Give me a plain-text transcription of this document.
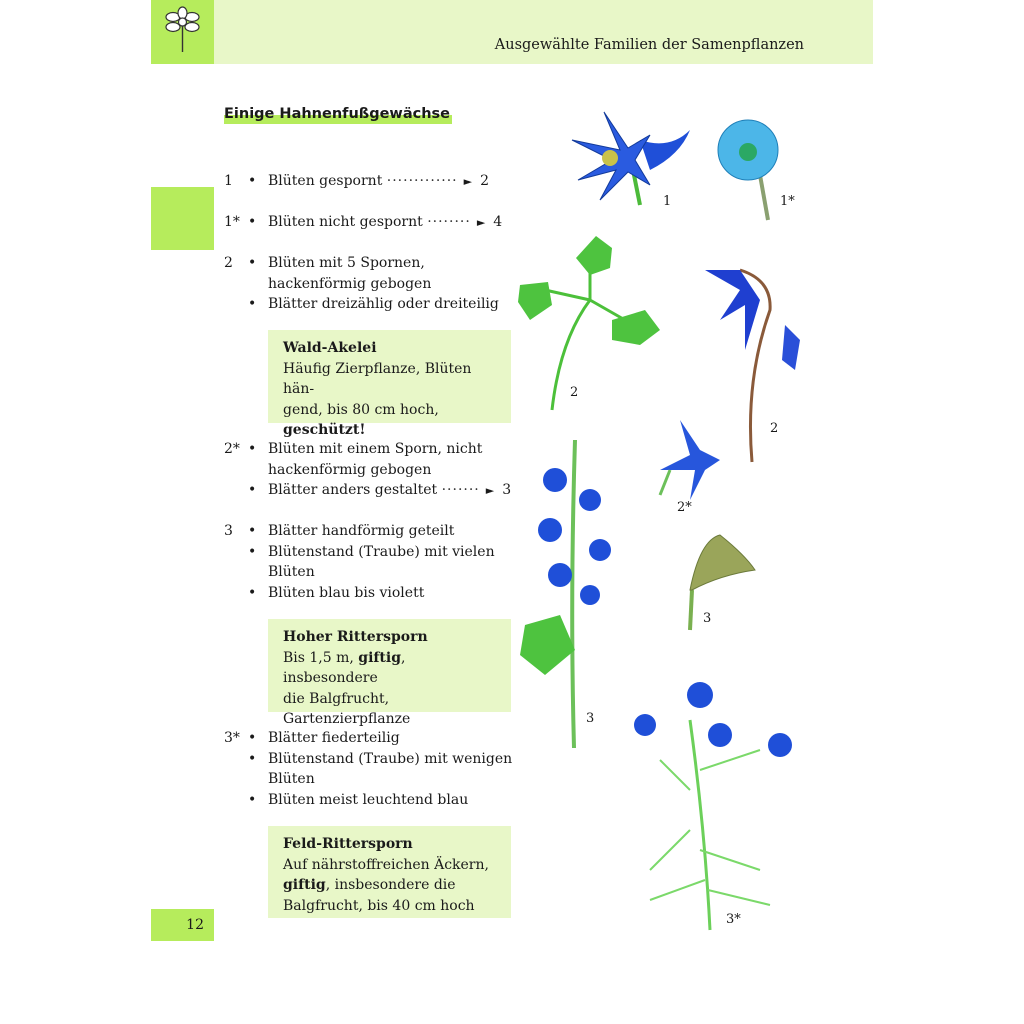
Ausgewählte Familien der Samenpflanzen
12
Einige Hahnenfußgewächse
1	• Blüten gespornt ············· ► 2
1*	• Blüten nicht gespornt ········ ► 4
2	• Blüten mit 5 Spornen, hackenförmig gebogen
• Blätter dreizählig oder dreiteilig
Wald-Akelei
Häufig Zierpflanze, Blüten hän-
gend, bis 80 cm hoch,
geschützt!
2*	• Blüten mit einem Sporn, nicht hackenförmig gebogen
• Blätter anders gestaltet ······· ► 3
3	• Blätter handförmig geteilt
• Blütenstand (Traube) mit vielen Blüten
• Blüten blau bis violett
Hoher Rittersporn
Bis 1,5 m, giftig, insbesondere
die Balgfrucht,
Gartenzierpflanze
3*	• Blätter fiederteilig
• Blütenstand (Traube) mit wenigen Blüten
• Blüten meist leuchtend blau
Feld-Rittersporn
Auf nährstoffreichen Äckern,
giftig, insbesondere die
Balgfrucht, bis 40 cm hoch
1	1*
2
2
2*
3
3
3*
